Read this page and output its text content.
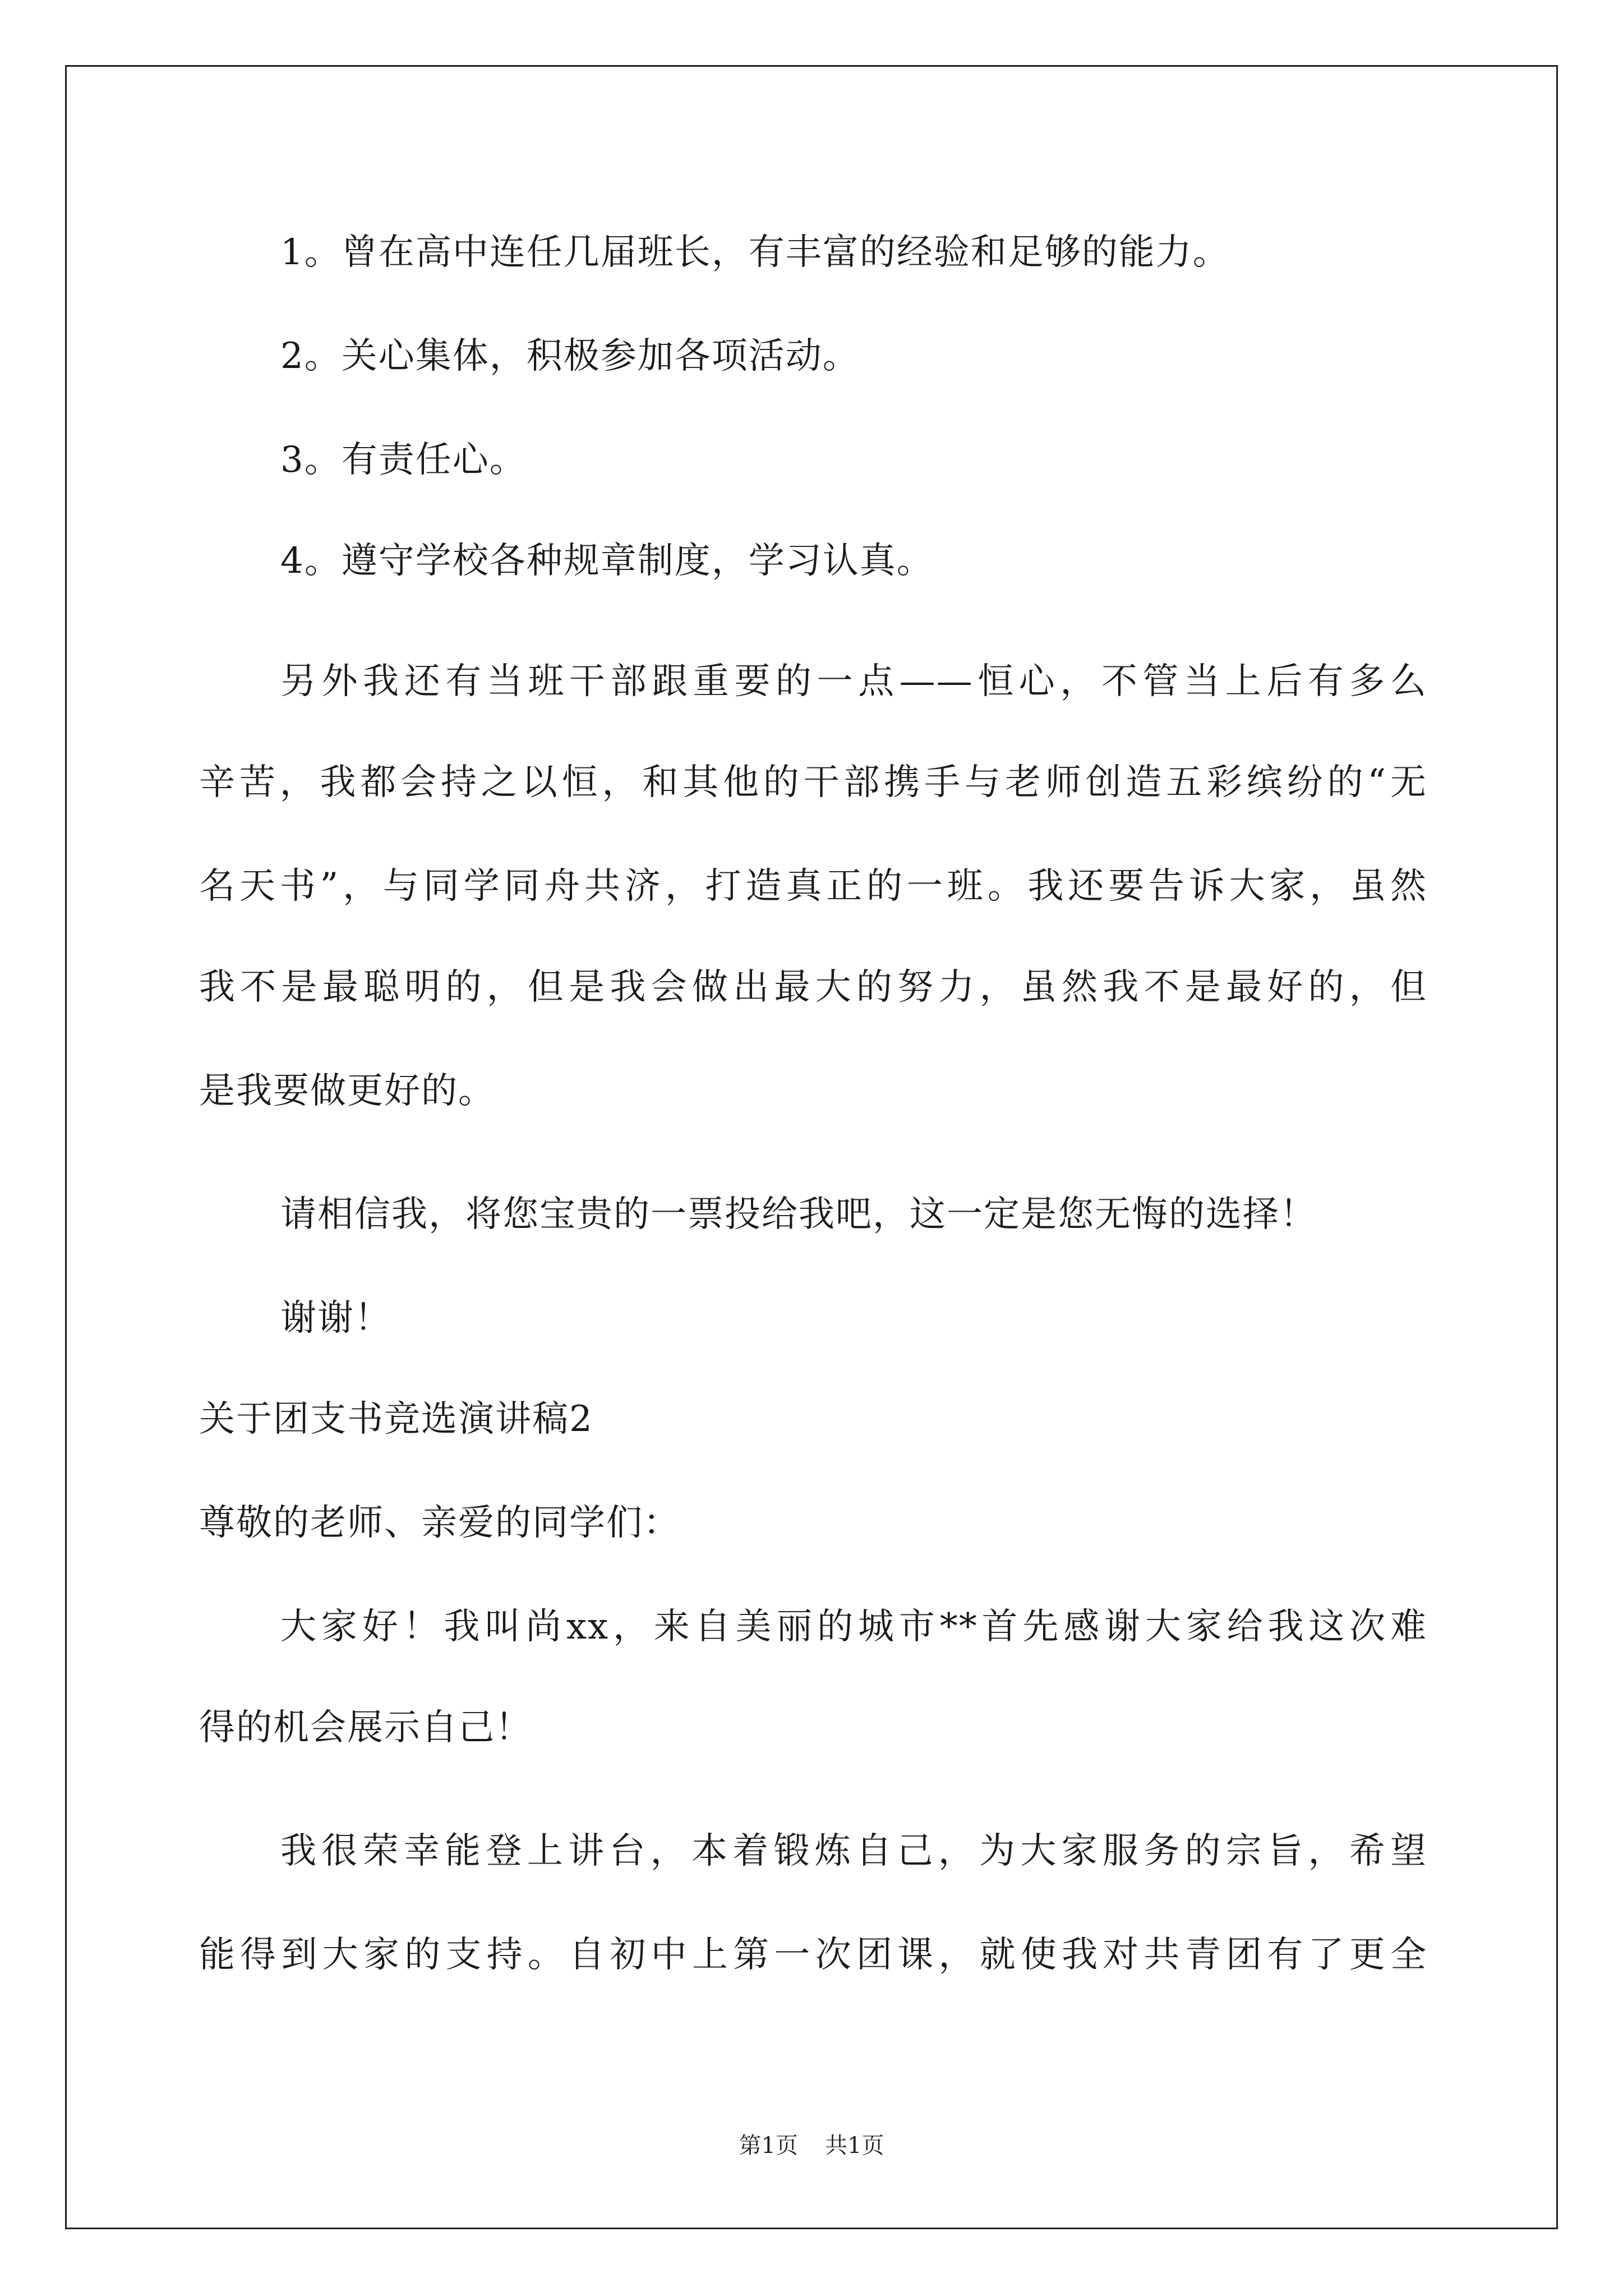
1。曾在高中连任几届班长，有丰富的经验和足够的能力。
2。关心集体，积极参加各项活动。
3。有责任心。
4。遵守学校各种规章制度，学习认真。
另外我还有当班干部跟重要的一点——恒心，不管当上后有多么
辛苦，我都会持之以恒，和其他的干部携手与老师创造五彩缤纷的“无
名天书”，与同学同舟共济，打造真正的一班。我还要告诉大家，虽然
我不是最聪明的，但是我会做出最大的努力，虽然我不是最好的，但
是我要做更好的。
请相信我，将您宝贵的一票投给我吧，这一定是您无悔的选择！
谢谢！
关于团支书竞选演讲稿2
尊敬的老师、亲爱的同学们：
大家好！我叫尚xx，来自美丽的城市**首先感谢大家给我这次难
得的机会展示自己！
我很荣幸能登上讲台，本着锻炼自己，为大家服务的宗旨，希望
能得到大家的支持。自初中上第一次团课，就使我对共青团有了更全
第1页 共1页
